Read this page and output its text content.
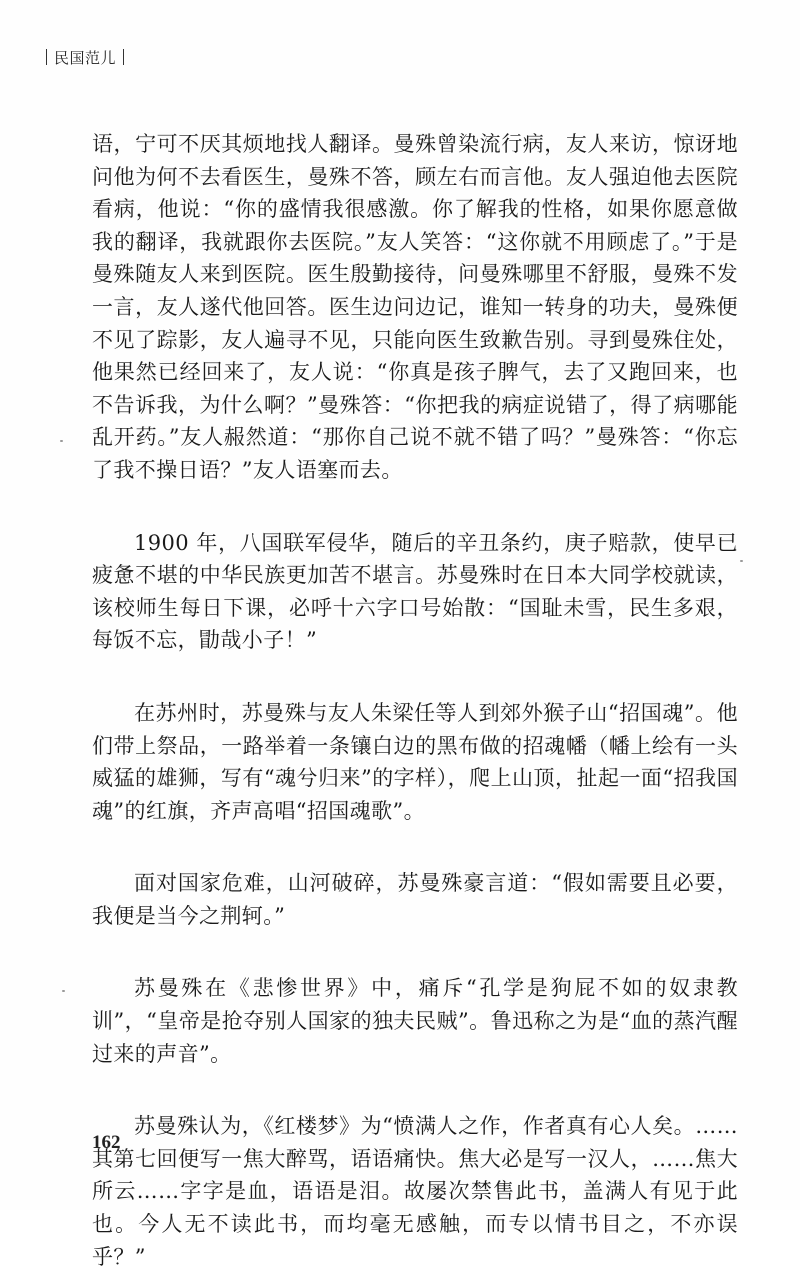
民国范儿

语，宁可不厌其烦地找人翻译。曼殊曾染流行病，友人来访，惊讶地问他为何不去看医生，曼殊不答，顾左右而言他。友人强迫他去医院看病，他说：“你的盛情我很感激。你了解我的性格，如果你愿意做我的翻译，我就跟你去医院。”友人笑答：“这你就不用顾虑了。”于是曼殊随友人来到医院。医生殷勤接待，问曼殊哪里不舒服，曼殊不发一言，友人遂代他回答。医生边问边记，谁知一转身的功夫，曼殊便不见了踪影，友人遍寻不见，只能向医生致歉告别。寻到曼殊住处，他果然已经回来了，友人说：“你真是孩子脾气，去了又跑回来，也不告诉我，为什么啊？”曼殊答：“你把我的病症说错了，得了病哪能乱开药。”友人赧然道：“那你自己说不就不错了吗？”曼殊答：“你忘了我不操日语？”友人语塞而去。

1900 年，八国联军侵华，随后的辛丑条约，庚子赔款，使早已疲惫不堪的中华民族更加苦不堪言。苏曼殊时在日本大同学校就读，该校师生每日下课，必呼十六字口号始散：“国耻未雪，民生多艰，每饭不忘，勖哉小子！”

在苏州时，苏曼殊与友人朱梁任等人到郊外猴子山“招国魂”。他们带上祭品，一路举着一条镶白边的黑布做的招魂幡（幡上绘有一头威猛的雄狮，写有“魂兮归来”的字样），爬上山顶，扯起一面“招我国魂”的红旗，齐声高唱“招国魂歌”。

面对国家危难，山河破碎，苏曼殊豪言道：“假如需要且必要，我便是当今之荆轲。”

苏曼殊在《悲惨世界》中，痛斥“孔学是狗屁不如的奴隶教训”，“皇帝是抢夺别人国家的独夫民贼”。鲁迅称之为是“血的蒸汽醒过来的声音”。

苏曼殊认为，《红楼梦》为“愤满人之作，作者真有心人矣。……其第七回便写一焦大醉骂，语语痛快。焦大必是写一汉人，……焦大所云……字字是血，语语是泪。故屡次禁售此书，盖满人有见于此也。今人无不读此书，而均毫无感触，而专以情书目之，不亦误乎？”

162
